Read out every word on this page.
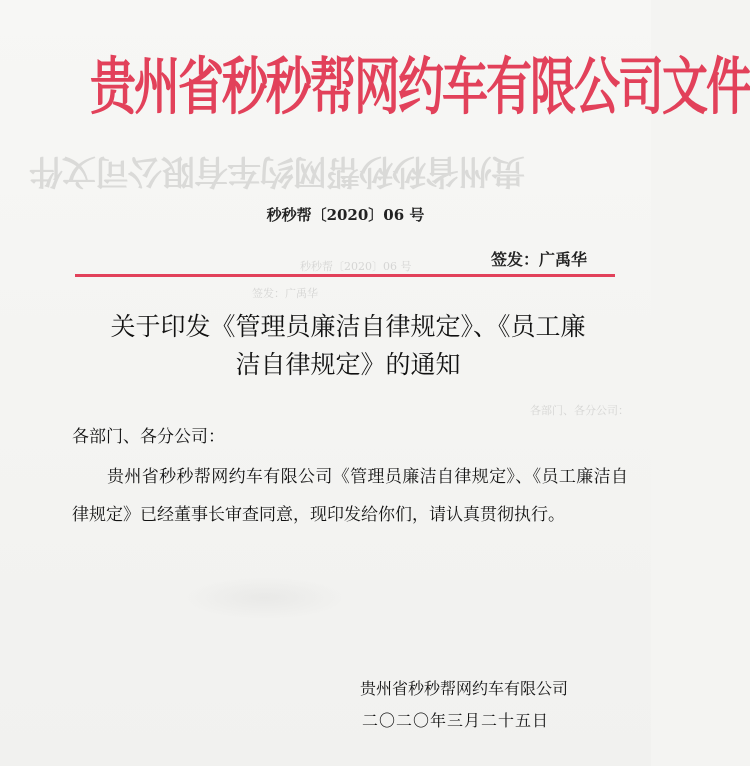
贵州省秒秒帮网约车有限公司文件
贵州省秒秒帮网约车有限公司文件
秒秒帮〔2020〕06 号
秒秒帮〔2020〕06 号	签发：广禹华
签发：广禹华
关于印发《管理员廉洁自律规定》、《员工廉
洁自律规定》的通知
各部门、各分公司：
各部门、各分公司：
贵州省秒秒帮网约车有限公司《管理员廉洁自律规定》、《员工廉洁自律规定》已经董事长审查同意，现印发给你们，请认真贯彻执行。
贵州省秒秒帮网约车有限公司
二〇二〇年三月二十五日
